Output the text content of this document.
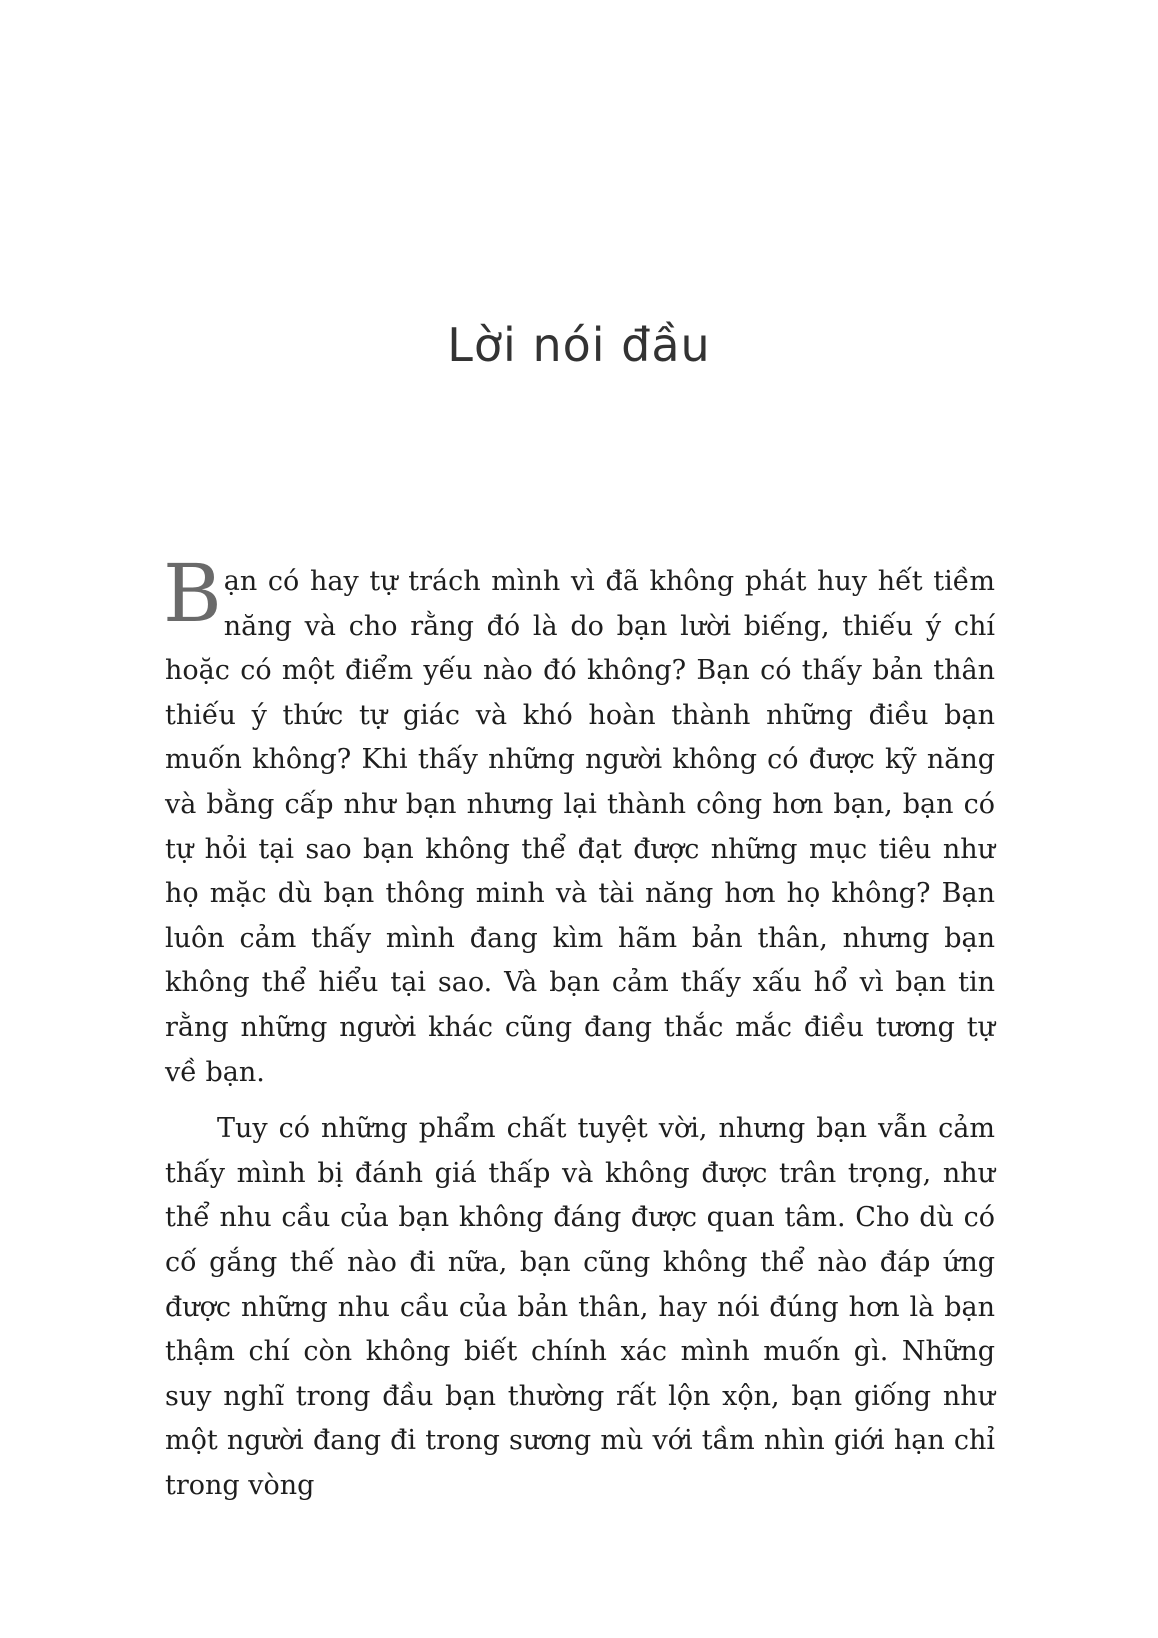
Lời nói đầu

Bạn có hay tự trách mình vì đã không phát huy hết tiềm năng và cho rằng đó là do bạn lười biếng, thiếu ý chí hoặc có một điểm yếu nào đó không? Bạn có thấy bản thân thiếu ý thức tự giác và khó hoàn thành những điều bạn muốn không? Khi thấy những người không có được kỹ năng và bằng cấp như bạn nhưng lại thành công hơn bạn, bạn có tự hỏi tại sao bạn không thể đạt được những mục tiêu như họ mặc dù bạn thông minh và tài năng hơn họ không? Bạn luôn cảm thấy mình đang kìm hãm bản thân, nhưng bạn không thể hiểu tại sao. Và bạn cảm thấy xấu hổ vì bạn tin rằng những người khác cũng đang thắc mắc điều tương tự về bạn.

Tuy có những phẩm chất tuyệt vời, nhưng bạn vẫn cảm thấy mình bị đánh giá thấp và không được trân trọng, như thể nhu cầu của bạn không đáng được quan tâm. Cho dù có cố gắng thế nào đi nữa, bạn cũng không thể nào đáp ứng được những nhu cầu của bản thân, hay nói đúng hơn là bạn thậm chí còn không biết chính xác mình muốn gì. Những suy nghĩ trong đầu bạn thường rất lộn xộn, bạn giống như một người đang đi trong sương mù với tầm nhìn giới hạn chỉ trong vòng
